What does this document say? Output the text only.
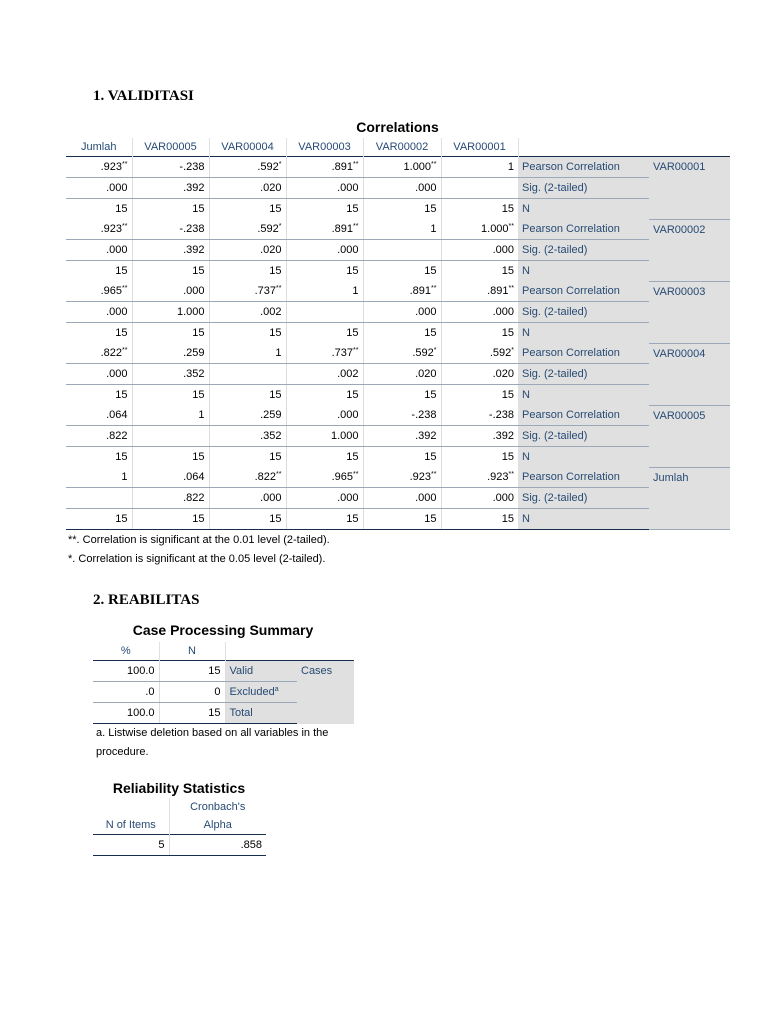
1. VALIDITASI
Correlations
Jumlah	VAR00005	VAR00004	VAR00003	VAR00002	VAR00001		
.923**	-.238	.592*	.891**	1.000**	1	Pearson Correlation	VAR00001
.000	.392	.020	.000	.000		Sig. (2-tailed)	
15	15	15	15	15	15	N	
.923**	-.238	.592*	.891**	1	1.000**	Pearson Correlation	VAR00002
.000	.392	.020	.000		.000	Sig. (2-tailed)	
15	15	15	15	15	15	N	
.965**	.000	.737**	1	.891**	.891**	Pearson Correlation	VAR00003
.000	1.000	.002		.000	.000	Sig. (2-tailed)	
15	15	15	15	15	15	N	
.822**	.259	1	.737**	.592*	.592*	Pearson Correlation	VAR00004
.000	.352		.002	.020	.020	Sig. (2-tailed)	
15	15	15	15	15	15	N	
.064	1	.259	.000	-.238	-.238	Pearson Correlation	VAR00005
.822		.352	1.000	.392	.392	Sig. (2-tailed)	
15	15	15	15	15	15	N	
1	.064	.822**	.965**	.923**	.923**	Pearson Correlation	Jumlah
	.822	.000	.000	.000	.000	Sig. (2-tailed)	
15	15	15	15	15	15	N	
**. Correlation is significant at the 0.01 level (2-tailed).
*. Correlation is significant at the 0.05 level (2-tailed).
2. REABILITAS
Case Processing Summary
%	N		
100.0	15	Valid	Cases
.0	0	Excluded$^a$
100.0	15	Total	
a. Listwise deletion based on all variables in the
procedure.
Reliability Statistics
	Cronbach's
N of Items	Alpha
5	.858
